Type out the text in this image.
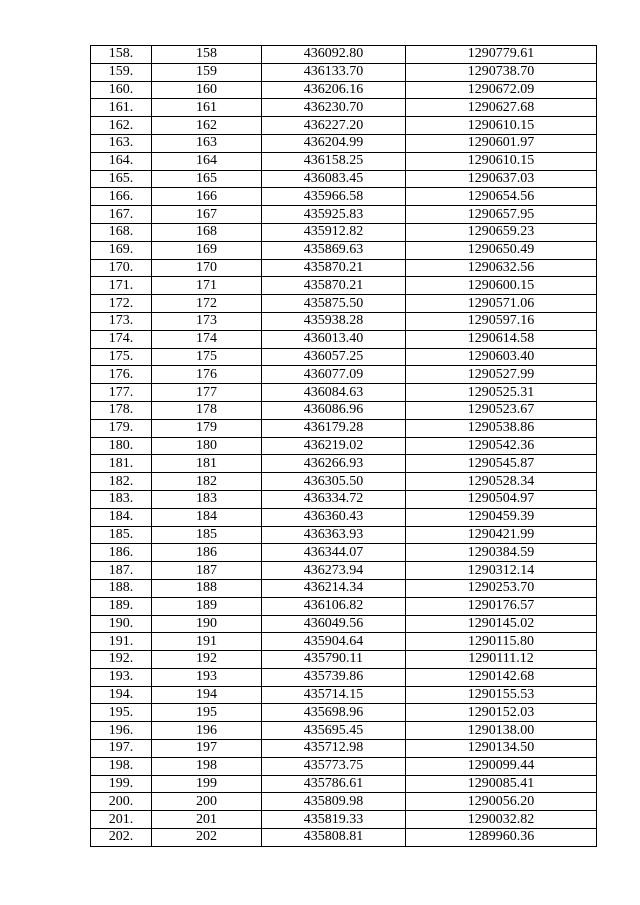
158.	158	436092.80	1290779.61
159.	159	436133.70	1290738.70
160.	160	436206.16	1290672.09
161.	161	436230.70	1290627.68
162.	162	436227.20	1290610.15
163.	163	436204.99	1290601.97
164.	164	436158.25	1290610.15
165.	165	436083.45	1290637.03
166.	166	435966.58	1290654.56
167.	167	435925.83	1290657.95
168.	168	435912.82	1290659.23
169.	169	435869.63	1290650.49
170.	170	435870.21	1290632.56
171.	171	435870.21	1290600.15
172.	172	435875.50	1290571.06
173.	173	435938.28	1290597.16
174.	174	436013.40	1290614.58
175.	175	436057.25	1290603.40
176.	176	436077.09	1290527.99
177.	177	436084.63	1290525.31
178.	178	436086.96	1290523.67
179.	179	436179.28	1290538.86
180.	180	436219.02	1290542.36
181.	181	436266.93	1290545.87
182.	182	436305.50	1290528.34
183.	183	436334.72	1290504.97
184.	184	436360.43	1290459.39
185.	185	436363.93	1290421.99
186.	186	436344.07	1290384.59
187.	187	436273.94	1290312.14
188.	188	436214.34	1290253.70
189.	189	436106.82	1290176.57
190.	190	436049.56	1290145.02
191.	191	435904.64	1290115.80
192.	192	435790.11	1290111.12
193.	193	435739.86	1290142.68
194.	194	435714.15	1290155.53
195.	195	435698.96	1290152.03
196.	196	435695.45	1290138.00
197.	197	435712.98	1290134.50
198.	198	435773.75	1290099.44
199.	199	435786.61	1290085.41
200.	200	435809.98	1290056.20
201.	201	435819.33	1290032.82
202.	202	435808.81	1289960.36
